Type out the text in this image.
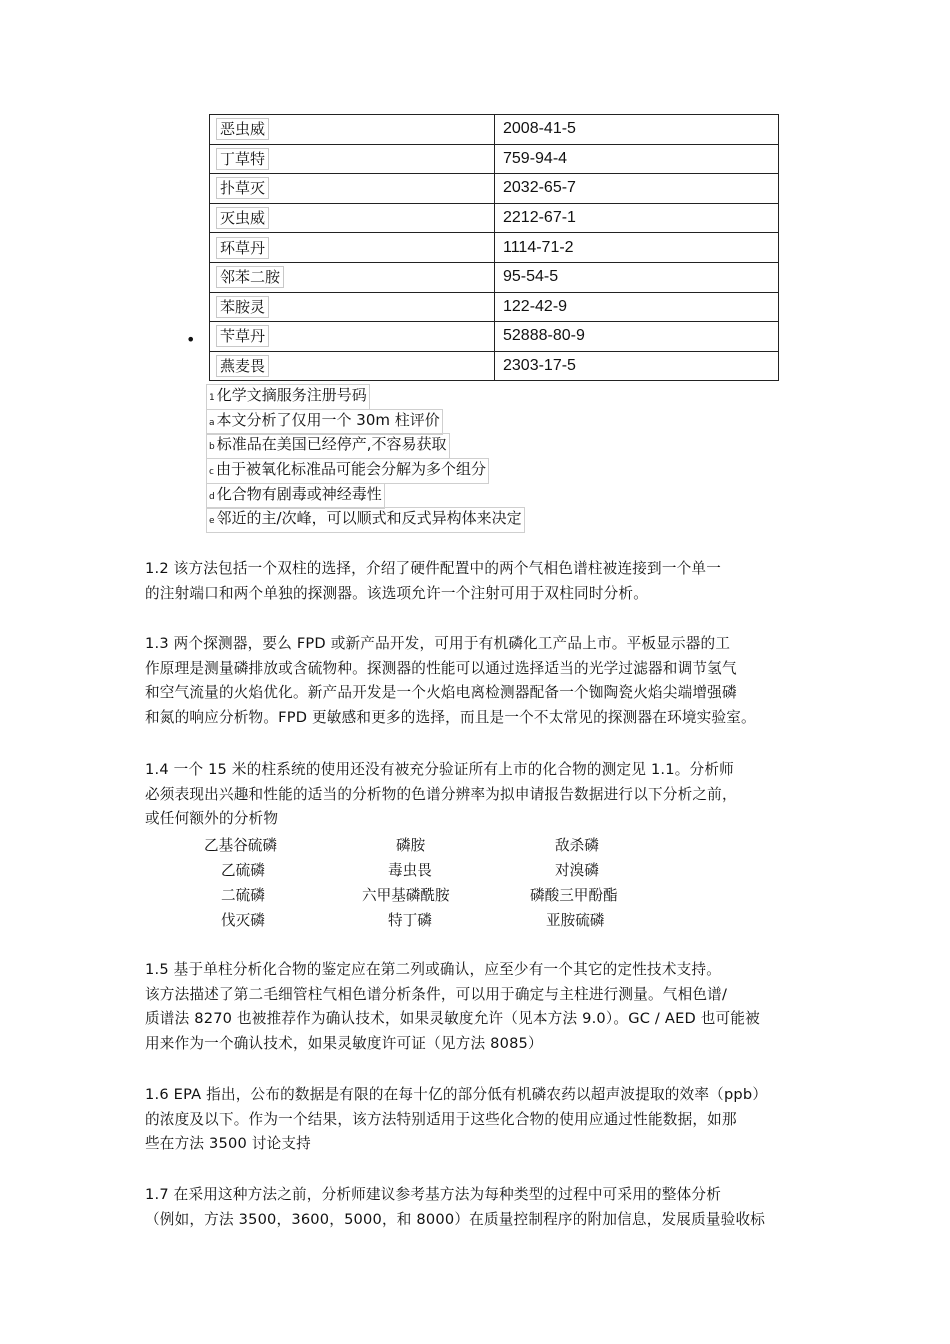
恶虫威	2008-41-5
丁草特	759-94-4
扑草灭	2032-65-7
灭虫威	2212-67-1
环草丹	1114-71-2
邻苯二胺	95-54-5
苯胺灵	122-42-9
苄草丹	52888-80-9
燕麦畏	2303-17-5
•
1 化学文摘服务注册号码
a 本文分析了仅用一个 30m 柱评价
b 标准品在美国已经停产,不容易获取
c 由于被氧化标准品可能会分解为多个组分
d 化合物有剧毒或神经毒性
e 邻近的主/次峰，可以顺式和反式异构体来决定
1.2 该方法包括一个双柱的选择，介绍了硬件配置中的两个气相色谱柱被连接到一个单一
的注射端口和两个单独的探测器。该选项允许一个注射可用于双柱同时分析。
1.3 两个探测器，要么 FPD 或新产品开发，可用于有机磷化工产品上市。平板显示器的工
作原理是测量磷排放或含硫物种。探测器的性能可以通过选择适当的光学过滤器和调节氢气
和空气流量的火焰优化。新产品开发是一个火焰电离检测器配备一个铷陶瓷火焰尖端增强磷
和氮的响应分析物。FPD 更敏感和更多的选择，而且是一个不太常见的探测器在环境实验室。
1.4 一个 15 米的柱系统的使用还没有被充分验证所有上市的化合物的测定见 1.1。分析师
必须表现出兴趣和性能的适当的分析物的色谱分辨率为拟申请报告数据进行以下分析之前，
或任何额外的分析物
乙基谷硫磷	磷胺	敌杀磷
乙硫磷	毒虫畏	对溴磷
二硫磷	六甲基磷酰胺	磷酸三甲酚酯
伐灭磷	特丁磷	亚胺硫磷
1.5 基于单柱分析化合物的鉴定应在第二列或确认，应至少有一个其它的定性技术支持。
该方法描述了第二毛细管柱气相色谱分析条件，可以用于确定与主柱进行测量。气相色谱/
质谱法 8270 也被推荐作为确认技术，如果灵敏度允许（见本方法 9.0）。GC / AED 也可能被
用来作为一个确认技术，如果灵敏度许可证（见方法 8085）
1.6 EPA 指出，公布的数据是有限的在每十亿的部分低有机磷农药以超声波提取的效率（ppb）
的浓度及以下。作为一个结果，该方法特别适用于这些化合物的使用应通过性能数据，如那
些在方法 3500 讨论支持
1.7 在采用这种方法之前，分析师建议参考基方法为每种类型的过程中可采用的整体分析
（例如，方法 3500，3600，5000，和 8000）在质量控制程序的附加信息，发展质量验收标
